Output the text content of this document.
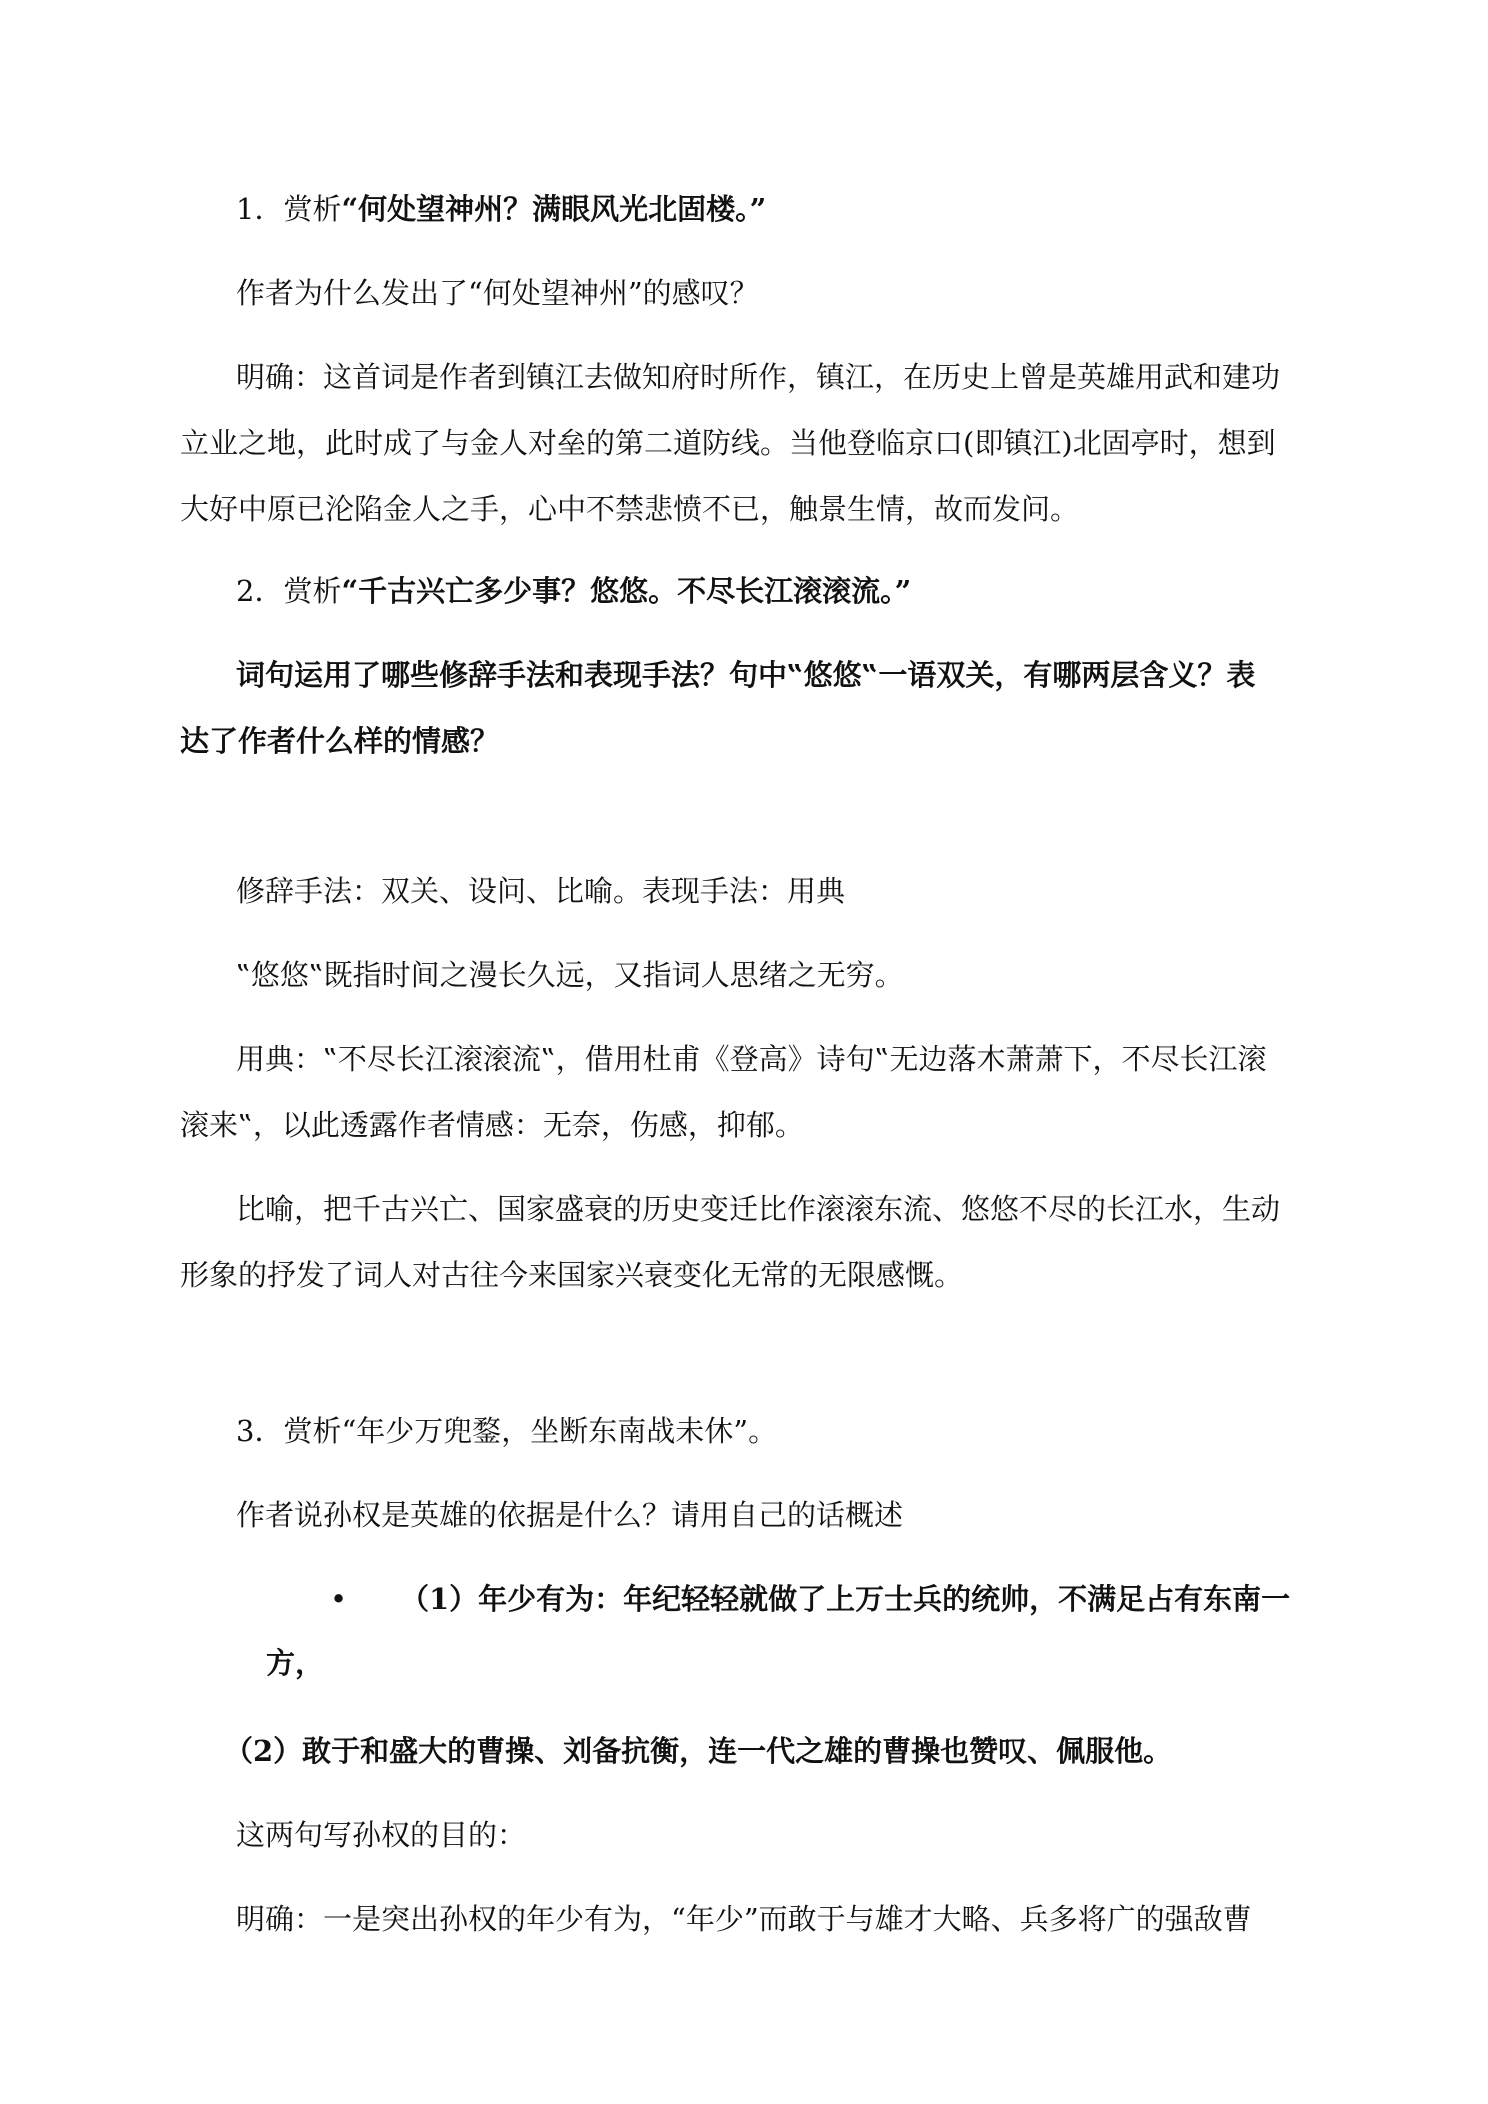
1．赏析“何处望神州？满眼风光北固楼。”

作者为什么发出了“何处望神州”的感叹？

明确：这首词是作者到镇江去做知府时所作，镇江，在历史上曾是英雄用武和建功

立业之地，此时成了与金人对垒的第二道防线。当他登临京口(即镇江)北固亭时，想到

大好中原已沦陷金人之手，心中不禁悲愤不已，触景生情，故而发问。

2．赏析“千古兴亡多少事？悠悠。不尽长江滚滚流。”

词句运用了哪些修辞手法和表现手法？句中‟悠悠‟一语双关，有哪两层含义？表

达了作者什么样的情感？

修辞手法：双关、设问、比喻。表现手法：用典

‟悠悠‟既指时间之漫长久远，又指词人思绪之无穷。

用典：‟不尽长江滚滚流‟，借用杜甫《登高》诗句‟无边落木萧萧下，不尽长江滚

滚来‟，以此透露作者情感：无奈，伤感，抑郁。

比喻，把千古兴亡、国家盛衰的历史变迁比作滚滚东流、悠悠不尽的长江水，生动

形象的抒发了词人对古往今来国家兴衰变化无常的无限感慨。

3．赏析“年少万兜鍪，坐断东南战未休”。

作者说孙权是英雄的依据是什么？请用自己的话概述

• （1）年少有为：年纪轻轻就做了上万士兵的统帅，不满足占有东南一

方，

（2）敢于和盛大的曹操、刘备抗衡，连一代之雄的曹操也赞叹、佩服他。

这两句写孙权的目的：

明确：一是突出孙权的年少有为，“年少”而敢于与雄才大略、兵多将广的强敌曹
